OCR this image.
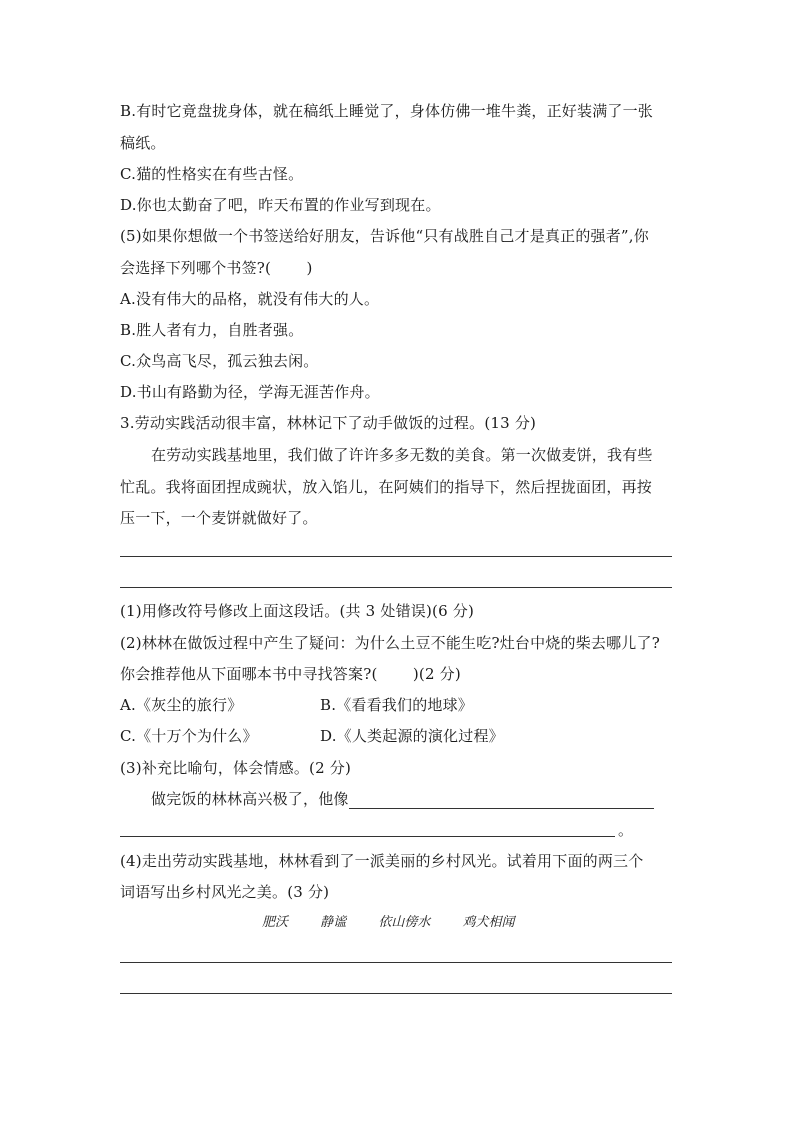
B.有时它竟盘拢身体，就在稿纸上睡觉了，身体仿佛一堆牛粪，正好装满了一张
稿纸。
C.猫的性格实在有些古怪。
D.你也太勤奋了吧，昨天布置的作业写到现在。
(5)如果你想做一个书签送给好朋友，告诉他“只有战胜自己才是真正的强者”,你
会选择下列哪个书签?(　　 )
A.没有伟大的品格，就没有伟大的人。
B.胜人者有力，自胜者强。
C.众鸟高飞尽，孤云独去闲。
D.书山有路勤为径，学海无涯苦作舟。
3.劳动实践活动很丰富，林林记下了动手做饭的过程。(13 分)
在劳动实践基地里，我们做了许许多多无数的美食。第一次做麦饼，我有些
忙乱。我将面团捏成豌状，放入馅儿，在阿姨们的指导下，然后捏拢面团，再按
压一下，一个麦饼就做好了。
(1)用修改符号修改上面这段话。(共 3 处错误)(6 分)
(2)林林在做饭过程中产生了疑问：为什么土豆不能生吃?灶台中烧的柴去哪儿了?
你会推荐他从下面哪本书中寻找答案?(　　 )(2 分)
A.《灰尘的旅行》	B.《看看我们的地球》
C.《十万个为什么》	D.《人类起源的演化过程》
(3)补充比喻句，体会情感。(2 分)
做完饭的林林高兴极了，他像
。
(4)走出劳动实践基地，林林看到了一派美丽的乡村风光。试着用下面的两三个
词语写出乡村风光之美。(3 分)
肥沃 静谧 依山傍水 鸡犬相闻
